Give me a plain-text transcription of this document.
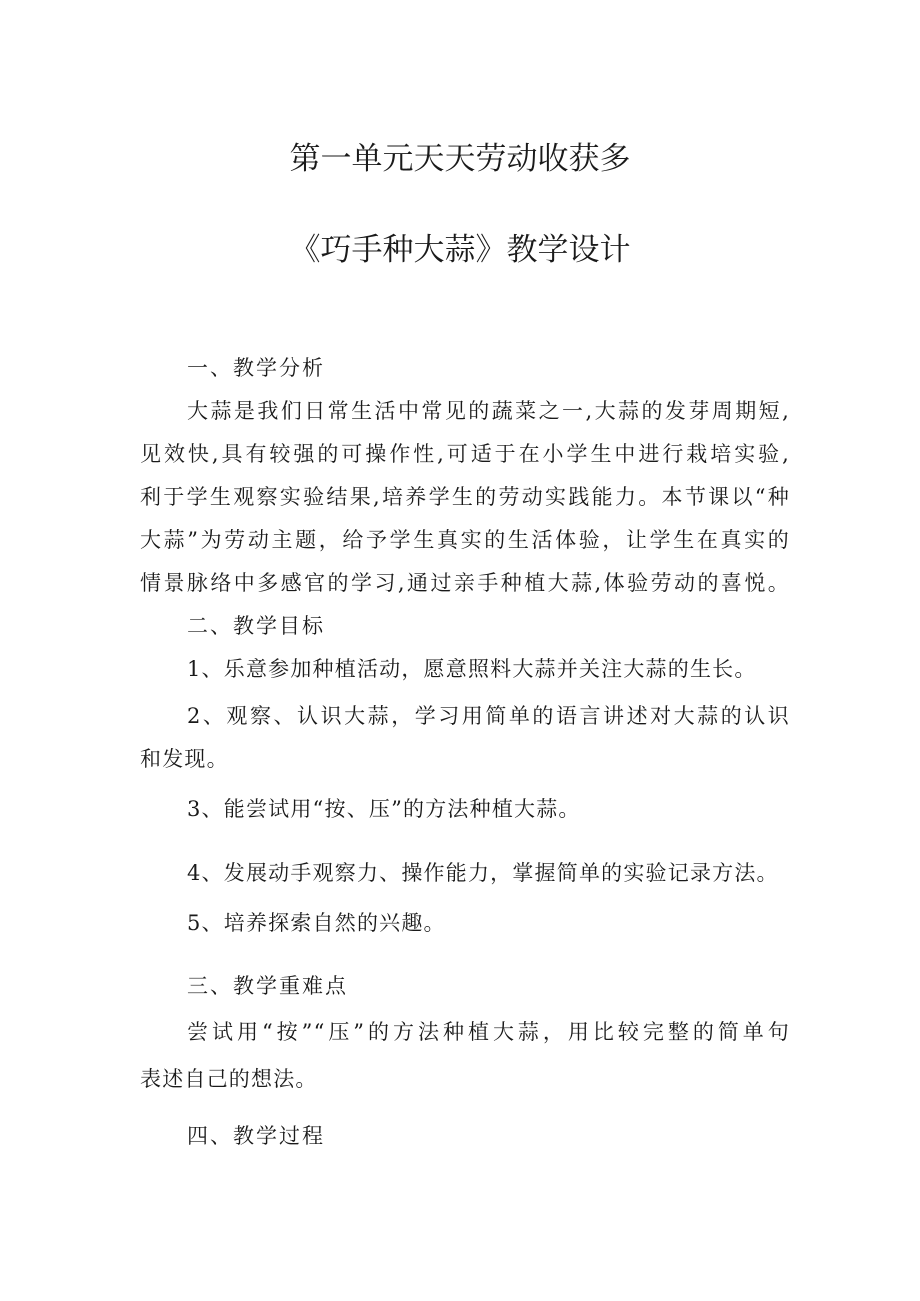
第一单元天天劳动收获多
《巧手种大蒜》教学设计
一、教学分析
大蒜是我们日常生活中常见的蔬菜之一,大蒜的发芽周期短,
见效快,具有较强的可操作性,可适于在小学生中进行栽培实验,
利于学生观察实验结果,培养学生的劳动实践能力。本节课以“种
大蒜”为劳动主题，给予学生真实的生活体验，让学生在真实的
情景脉络中多感官的学习,通过亲手种植大蒜,体验劳动的喜悦。
二、教学目标
1、乐意参加种植活动，愿意照料大蒜并关注大蒜的生长。
2、观察、认识大蒜，学习用简单的语言讲述对大蒜的认识
和发现。
3、能尝试用“按、压”的方法种植大蒜。
4、发展动手观察力、操作能力，掌握简单的实验记录方法。
5、培养探索自然的兴趣。
三、教学重难点
尝试用“按”“压”的方法种植大蒜，用比较完整的简单句
表述自己的想法。
四、教学过程
